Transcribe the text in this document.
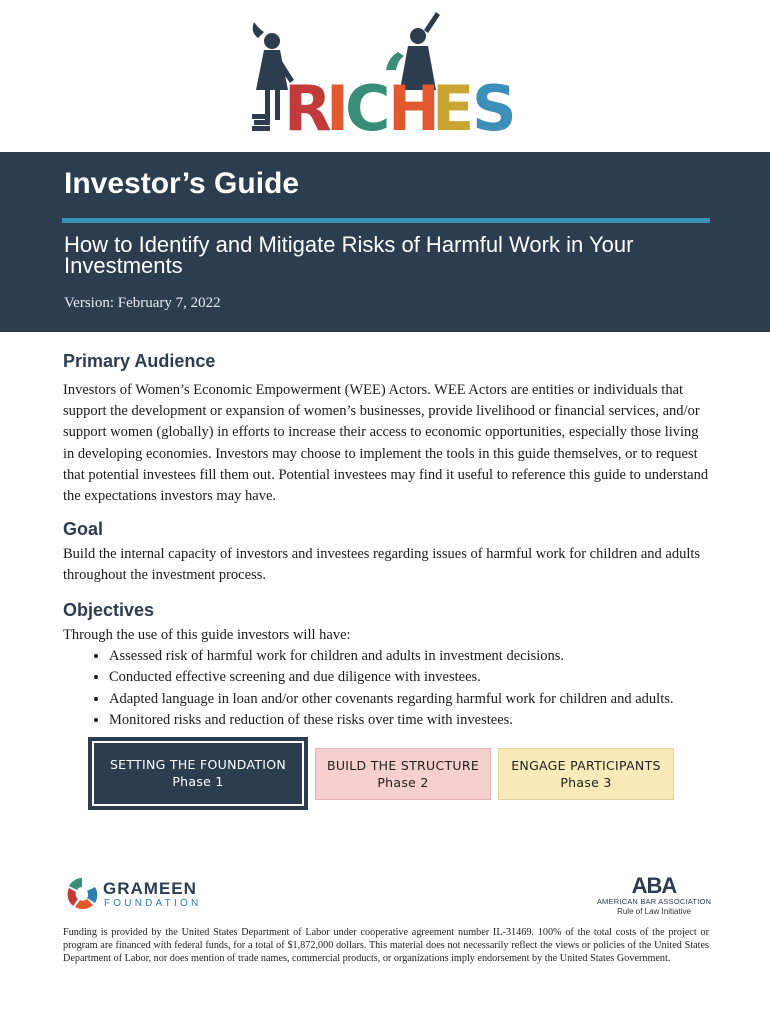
R
I
C
H
E
S
Investor’s Guide
How to Identify and Mitigate Risks of Harmful Work in Your Investments

Version: February 7, 2022

Primary Audience

Investors of Women’s Economic Empowerment (WEE) Actors. WEE Actors are entities or individuals that support the development or expansion of women’s businesses, provide livelihood or financial services, and/or support women (globally) in efforts to increase their access to economic opportunities, especially those living in developing economies. Investors may choose to implement the tools in this guide themselves, or to request that potential investees fill them out. Potential investees may find it useful to reference this guide to understand the expectations investors may have.

Goal

Build the internal capacity of investors and investees regarding issues of harmful work for children and adults throughout the investment process.

Objectives

Through the use of this guide investors will have:

• Assessed risk of harmful work for children and adults in investment decisions.
• Conducted effective screening and due diligence with investees.
• Adapted language in loan and/or other covenants regarding harmful work for children and adults.
• Monitored risks and reduction of these risks over time with investees.
SETTING THE FOUNDATION
Phase 1
BUILD THE STRUCTURE
Phase 2
ENGAGE PARTICIPANTS
Phase 3
GRAMEEN
FOUNDATION
ABA
AMERICAN BAR ASSOCIATION
Rule of Law Initiative

Funding is provided by the United States Department of Labor under cooperative agreement number IL-31469. 100% of the total costs of the project or program are financed with federal funds, for a total of $1,872,000 dollars. This material does not necessarily reflect the views or policies of the United States Department of Labor, nor does mention of trade names, commercial products, or organizations imply endorsement by the United States Government.
